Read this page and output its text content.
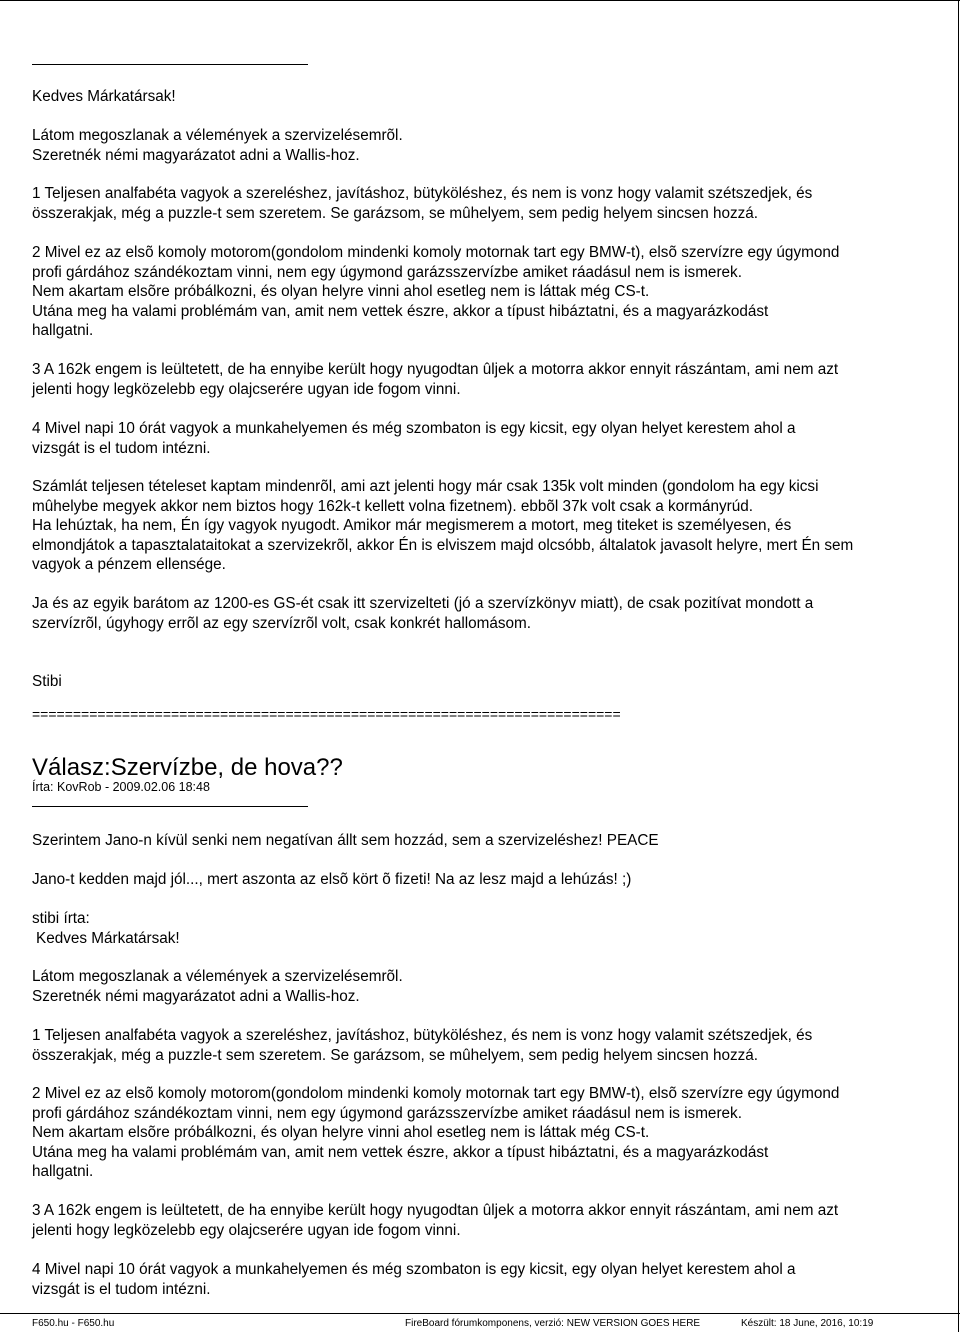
Kedves Márkatársak!
Látom megoszlanak a vélemények a szervizelésemrõl.
Szeretnék némi magyarázatot adni a Wallis-hoz.
1 Teljesen analfabéta vagyok a szereléshez, javításhoz, bütyköléshez, és nem is vonz hogy valamit szétszedjek, és
összerakjak, még a puzzle-t sem szeretem. Se garázsom, se mûhelyem, sem pedig helyem sincsen hozzá.
2 Mivel ez az elsõ komoly motorom(gondolom mindenki komoly motornak tart egy BMW-t), elsõ szervízre egy úgymond
profi gárdához szándékoztam vinni, nem egy úgymond garázsszervízbe amiket ráadásul nem is ismerek.
Nem akartam elsõre próbálkozni, és olyan helyre vinni ahol esetleg nem is láttak még CS-t.
Utána meg ha valami problémám van, amit nem vettek észre, akkor a típust hibáztatni, és a magyarázkodást
hallgatni.
3 A 162k engem is leültetett, de ha ennyibe került hogy nyugodtan ûljek a motorra akkor ennyit rászántam, ami nem azt
jelenti hogy legközelebb egy olajcserére ugyan ide fogom vinni.
4 Mivel napi 10 órát vagyok a munkahelyemen és még szombaton is egy kicsit, egy olyan helyet kerestem ahol a
vizsgát is el tudom intézni.
Számlát teljesen tételeset kaptam mindenrõl, ami azt jelenti hogy már csak 135k volt minden (gondolom ha egy kicsi
mûhelybe megyek akkor nem biztos hogy 162k-t kellett volna fizetnem). ebbõl 37k volt csak a kormányrúd.
Ha lehúztak, ha nem, Én így vagyok nyugodt. Amikor már megismerem a motort, meg titeket is személyesen, és
elmondjátok a tapasztalataitokat a szervizekrõl, akkor Én is elviszem majd olcsóbb, általatok javasolt helyre, mert Én sem
vagyok a pénzem ellensége.
Ja és az egyik barátom az 1200-es GS-ét csak itt szervizelteti (jó a szervízkönyv miatt), de csak pozitívat mondott a
szervízrõl, úgyhogy errõl az egy szervízrõl volt, csak konkrét hallomásom.
Stibi
========================================================================
Válasz:Szervízbe, de hova??
Írta: KovRob - 2009.02.06 18:48
Szerintem Jano-n kívül senki nem negatívan állt sem hozzád, sem a szervizeléshez! PEACE
Jano-t kedden majd jól..., mert aszonta az elsõ kört õ fizeti! Na az lesz majd a lehúzás! ;)
stibi írta:
Kedves Márkatársak!
Látom megoszlanak a vélemények a szervizelésemrõl.
Szeretnék némi magyarázatot adni a Wallis-hoz.
1 Teljesen analfabéta vagyok a szereléshez, javításhoz, bütyköléshez, és nem is vonz hogy valamit szétszedjek, és
összerakjak, még a puzzle-t sem szeretem. Se garázsom, se mûhelyem, sem pedig helyem sincsen hozzá.
2 Mivel ez az elsõ komoly motorom(gondolom mindenki komoly motornak tart egy BMW-t), elsõ szervízre egy úgymond
profi gárdához szándékoztam vinni, nem egy úgymond garázsszervízbe amiket ráadásul nem is ismerek.
Nem akartam elsõre próbálkozni, és olyan helyre vinni ahol esetleg nem is láttak még CS-t.
Utána meg ha valami problémám van, amit nem vettek észre, akkor a típust hibáztatni, és a magyarázkodást
hallgatni.
3 A 162k engem is leültetett, de ha ennyibe került hogy nyugodtan ûljek a motorra akkor ennyit rászántam, ami nem azt
jelenti hogy legközelebb egy olajcserére ugyan ide fogom vinni.
4 Mivel napi 10 órát vagyok a munkahelyemen és még szombaton is egy kicsit, egy olyan helyet kerestem ahol a
vizsgát is el tudom intézni.
F650.hu - F650.hu	FireBoard fórumkomponens, verzió: NEW VERSION GOES HERE	Készült: 18 June, 2016, 10:19
